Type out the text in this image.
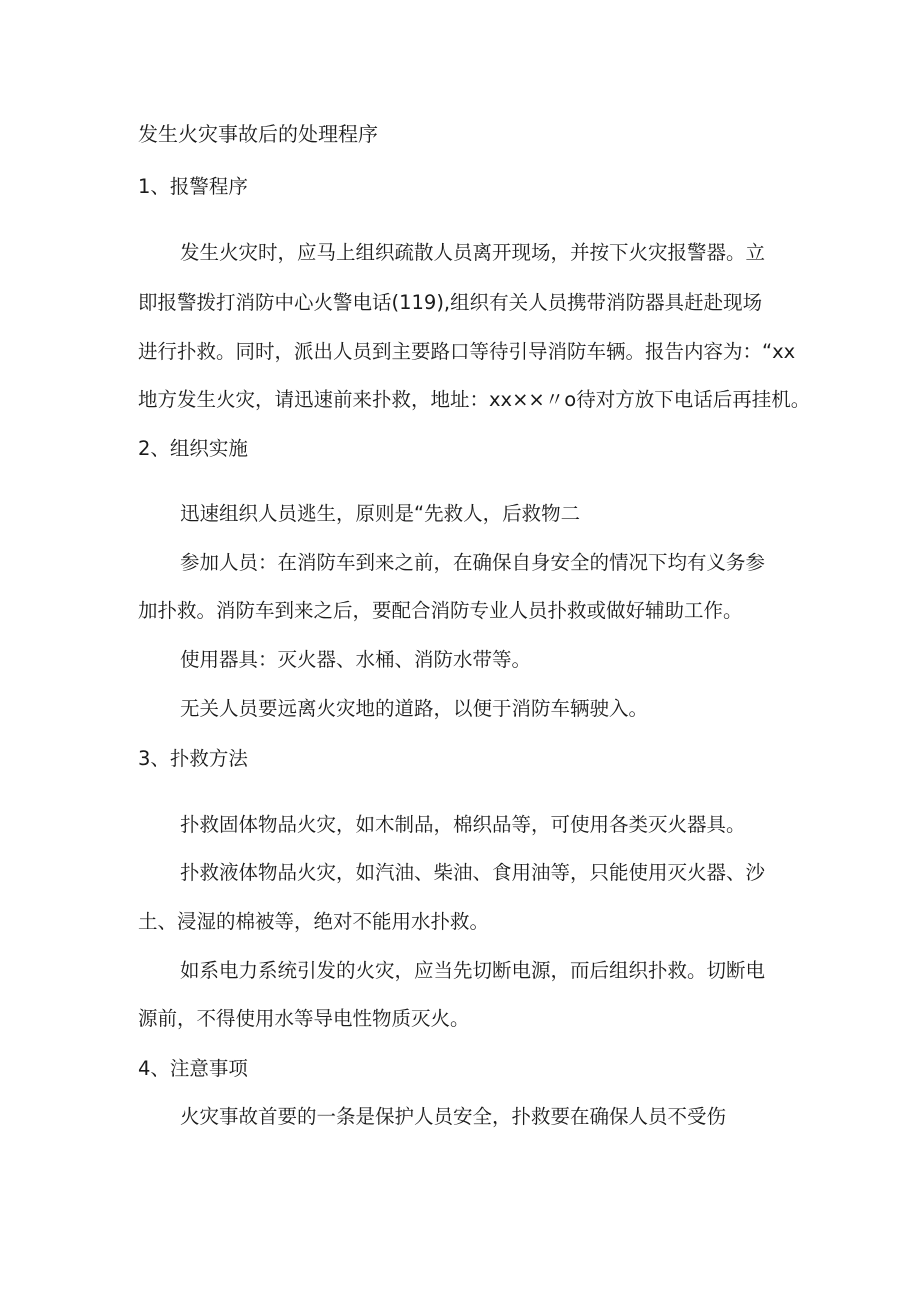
发生火灾事故后的处理程序

1、报警程序

发生火灾时，应马上组织疏散人员离开现场，并按下火灾报警器。立

即报警拨打消防中心火警电话(119),组织有关人员携带消防器具赶赴现场

进行扑救。同时，派出人员到主要路口等待引导消防车辆。报告内容为：“xx

地方发生火灾，请迅速前来扑救，地址：xx××〃o待对方放下电话后再挂机。

2、组织实施

迅速组织人员逃生，原则是“先救人，后救物二

参加人员：在消防车到来之前，在确保自身安全的情况下均有义务参

加扑救。消防车到来之后，要配合消防专业人员扑救或做好辅助工作。

使用器具：灭火器、水桶、消防水带等。

无关人员要远离火灾地的道路，以便于消防车辆驶入。

3、扑救方法

扑救固体物品火灾，如木制品，棉织品等，可使用各类灭火器具。

扑救液体物品火灾，如汽油、柴油、食用油等，只能使用灭火器、沙

土、浸湿的棉被等，绝对不能用水扑救。

如系电力系统引发的火灾，应当先切断电源，而后组织扑救。切断电

源前，不得使用水等导电性物质灭火。

4、注意事项

火灾事故首要的一条是保护人员安全，扑救要在确保人员不受伤
